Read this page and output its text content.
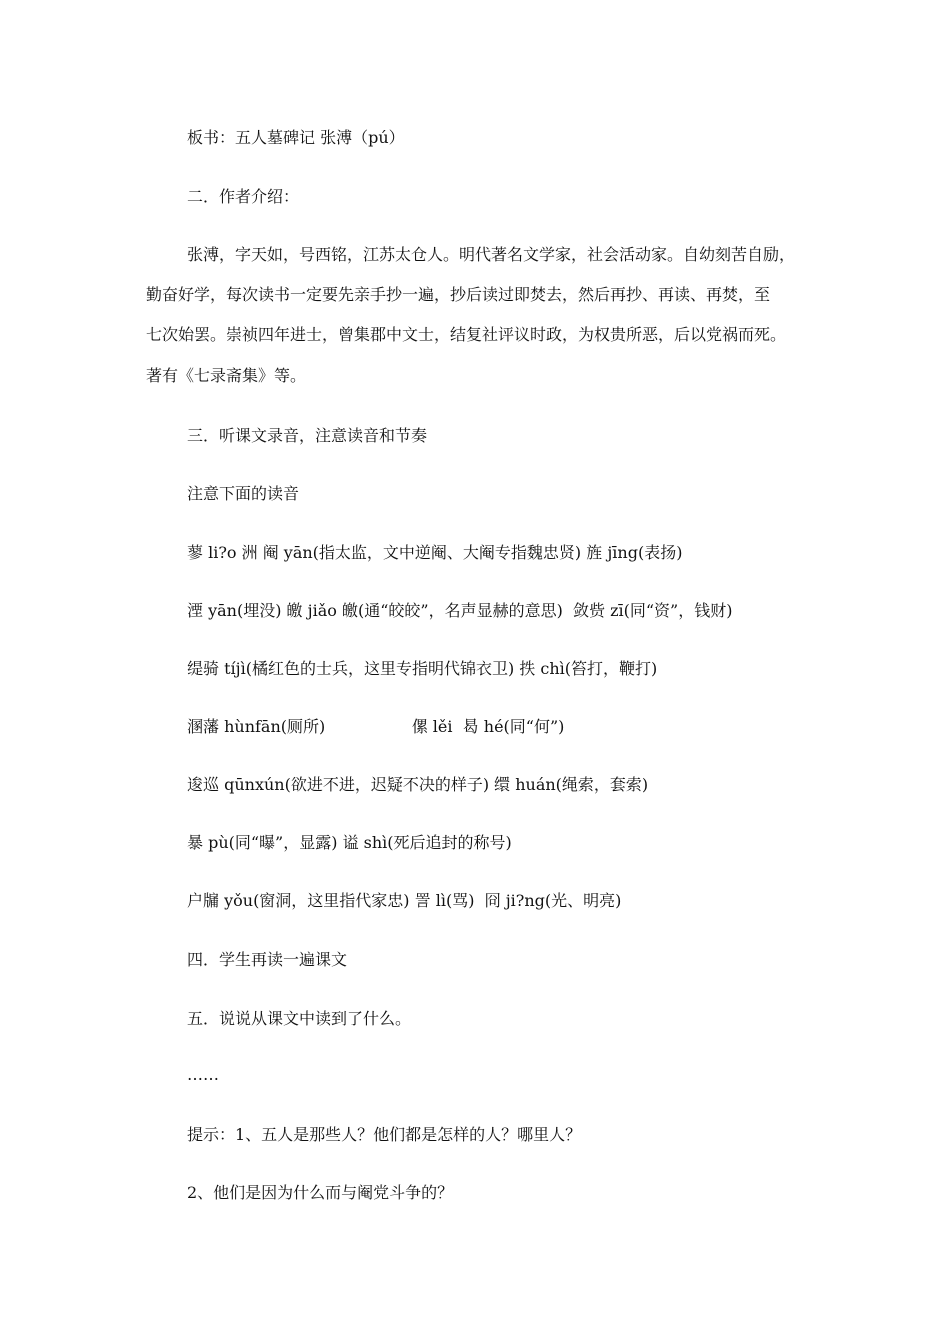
板书：五人墓碑记 张溥（pú）
二．作者介绍：
张溥，字天如，号西铭，江苏太仓人。明代著名文学家，社会活动家。自幼刻苦自励，
勤奋好学，每次读书一定要先亲手抄一遍，抄后读过即焚去，然后再抄、再读、再焚，至
七次始罢。崇祯四年进士，曾集郡中文士，结复社评议时政，为权贵所恶，后以党祸而死。
著有《七录斋集》等。
三．听课文录音，注意读音和节奏
注意下面的读音
蓼 li?o 洲 阉 yān(指太监，文中逆阉、大阉专指魏忠贤) 旌 jīng(表扬)
湮 yān(埋没) 皦 jiǎo 皦(通“皎皎”，名声显赫的意思)  敛赀 zī(同“资”，钱财)
缇骑 tíjì(橘红色的士兵，这里专指明代锦衣卫) 抶 chì(笞打，鞭打)
溷藩 hùnfān(厕所)                 傫 lěi  曷 hé(同“何”)
逡巡 qūnxún(欲进不进，迟疑不决的样子) 缳 huán(绳索，套索)
暴 pù(同“曝”，显露) 谥 shì(死后追封的称号)
户牖 yǒu(窗洞，这里指代家忠) 詈 lì(骂)  冏 ji?ng(光、明亮)
四．学生再读一遍课文
五．说说从课文中读到了什么。
……
提示：1、五人是那些人？他们都是怎样的人？哪里人？
2、他们是因为什么而与阉党斗争的？
